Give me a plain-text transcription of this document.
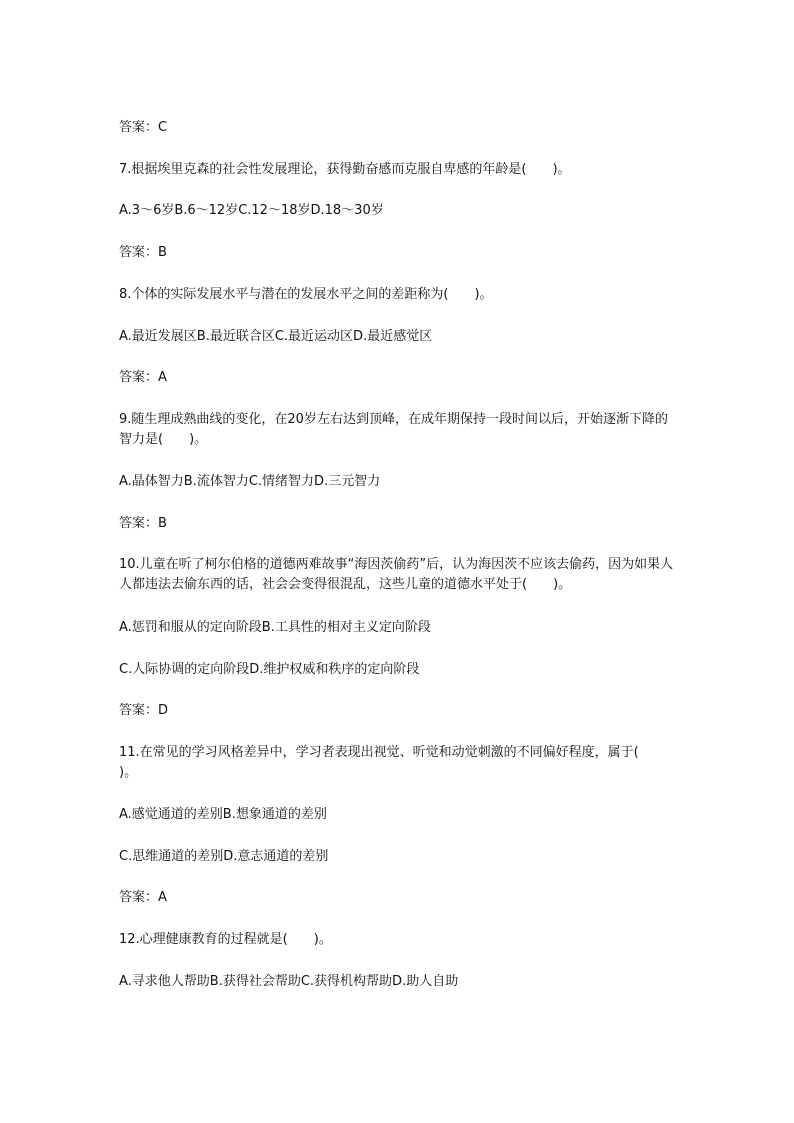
答案：C
7.根据埃里克森的社会性发展理论，获得勤奋感而克服自卑感的年龄是(　　)。
A.3～6岁B.6～12岁C.12～18岁D.18～30岁
答案：B
8.个体的实际发展水平与潜在的发展水平之间的差距称为(　　)。
A.最近发展区B.最近联合区C.最近运动区D.最近感觉区
答案：A
9.随生理成熟曲线的变化，在20岁左右达到顶峰，在成年期保持一段时间以后，开始逐渐下降的智力是(　　)。
A.晶体智力B.流体智力C.情绪智力D.三元智力
答案：B
10.儿童在听了柯尔伯格的道德两难故事“海因茨偷药”后，认为海因茨不应该去偷药，因为如果人人都违法去偷东西的话，社会会变得很混乱，这些儿童的道德水平处于(　　)。
A.惩罚和服从的定向阶段B.工具性的相对主义定向阶段
C.人际协调的定向阶段D.维护权威和秩序的定向阶段
答案：D
11.在常见的学习风格差异中，学习者表现出视觉、听觉和动觉刺激的不同偏好程度，属于(　　)。
A.感觉通道的差别B.想象通道的差别
C.思维通道的差别D.意志通道的差别
答案：A
12.心理健康教育的过程就是(　　)。
A.寻求他人帮助B.获得社会帮助C.获得机构帮助D.助人自助
